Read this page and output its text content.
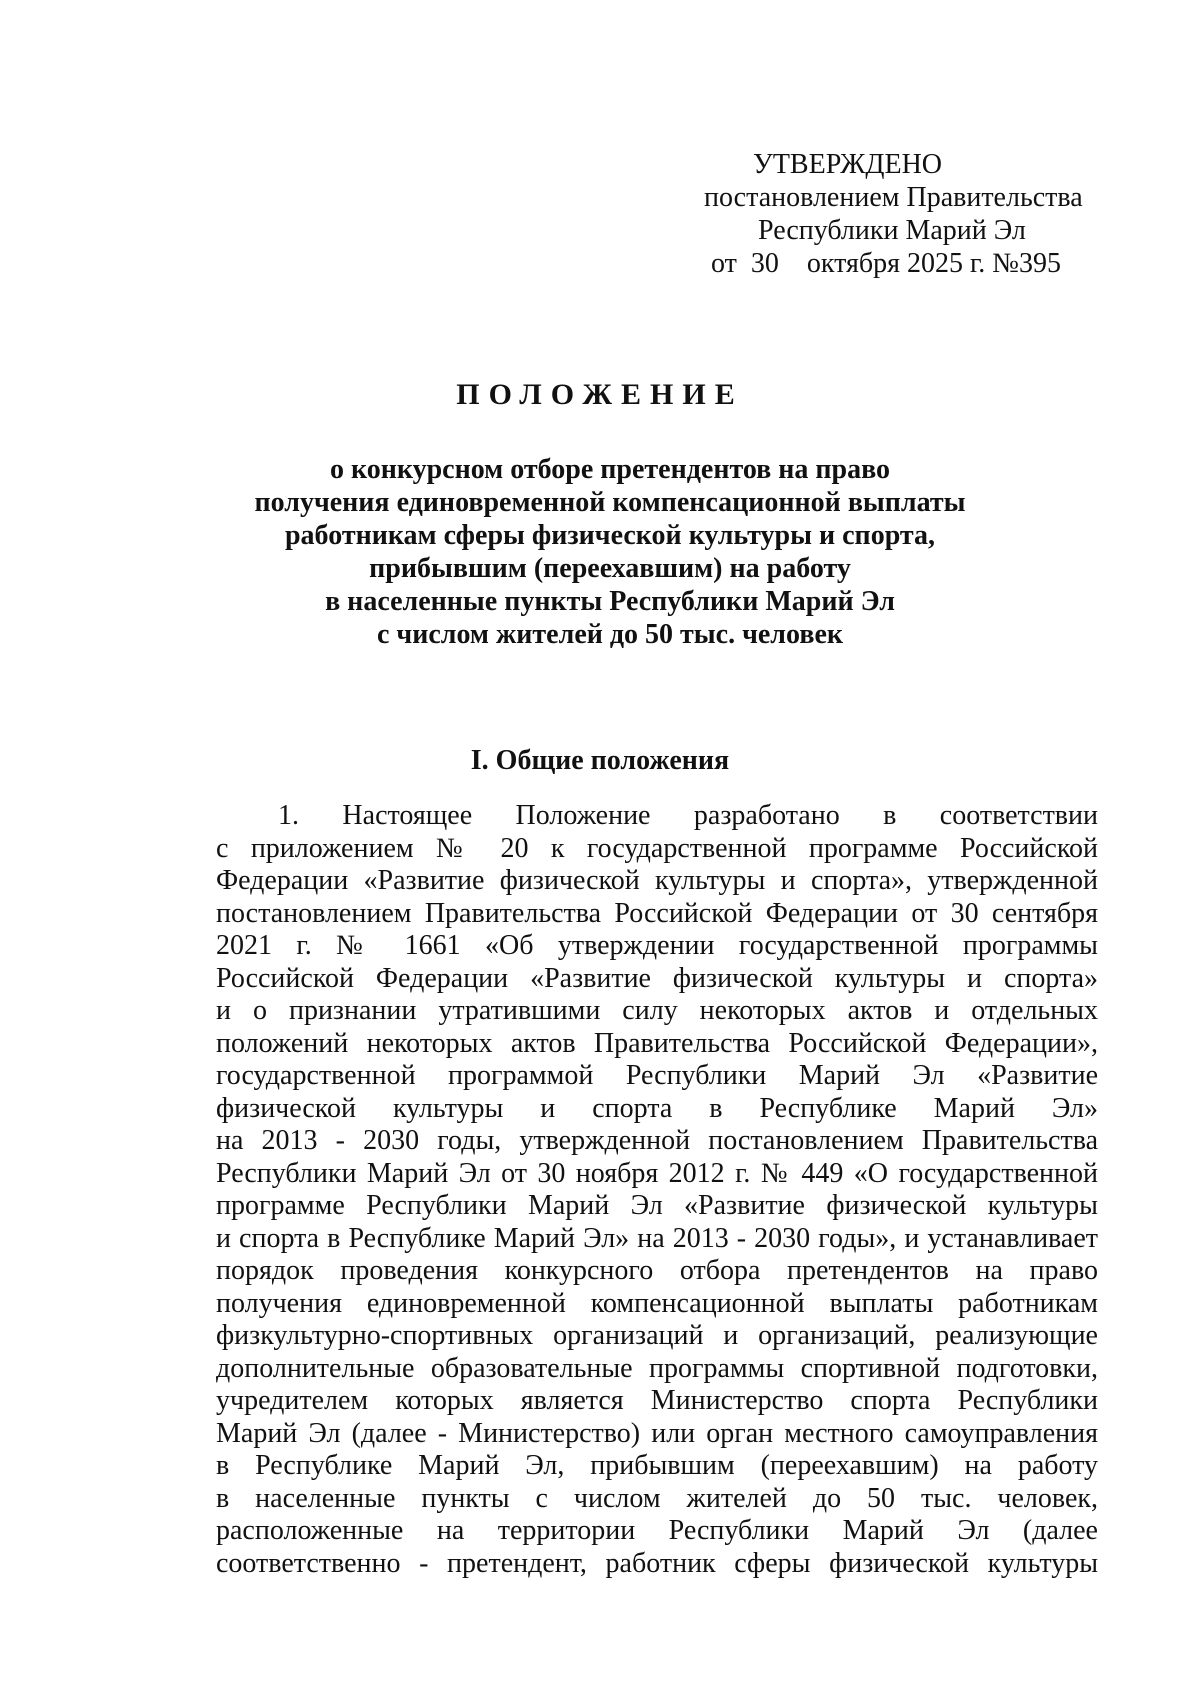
УТВЕРЖДЕНО
постановлением Правительства
Республики Марий Эл
от 30 октября 2025 г. №395
ПОЛОЖЕНИЕ
о конкурсном отборе претендентов на право
получения единовременной компенсационной выплаты
работникам сферы физической культуры и спорта,
прибывшим (переехавшим) на работу
в населенные пункты Республики Марий Эл
с числом жителей до 50 тыс. человек
I. Общие положения
1. Настоящее Положение разработано в соответствии
с приложением № 20 к государственной программе Российской
Федерации «Развитие физической культуры и спорта», утвержденной
постановлением Правительства Российской Федерации от 30 сентября
2021 г. № 1661 «Об утверждении государственной программы
Российской Федерации «Развитие физической культуры и спорта»
и о признании утратившими силу некоторых актов и отдельных
положений некоторых актов Правительства Российской Федерации»,
государственной программой Республики Марий Эл «Развитие
физической культуры и спорта в Республике Марий Эл»
на 2013 - 2030 годы, утвержденной постановлением Правительства
Республики Марий Эл от 30 ноября 2012 г. № 449 «О государственной
программе Республики Марий Эл «Развитие физической культуры
и спорта в Республике Марий Эл» на 2013 - 2030 годы», и устанавливает
порядок проведения конкурсного отбора претендентов на право
получения единовременной компенсационной выплаты работникам
физкультурно-спортивных организаций и организаций, реализующие
дополнительные образовательные программы спортивной подготовки,
учредителем которых является Министерство спорта Республики
Марий Эл (далее - Министерство) или орган местного самоуправления
в Республике Марий Эл, прибывшим (переехавшим) на работу
в населенные пункты с числом жителей до 50 тыс. человек,
расположенные на территории Республики Марий Эл (далее
соответственно - претендент, работник сферы физической культуры
